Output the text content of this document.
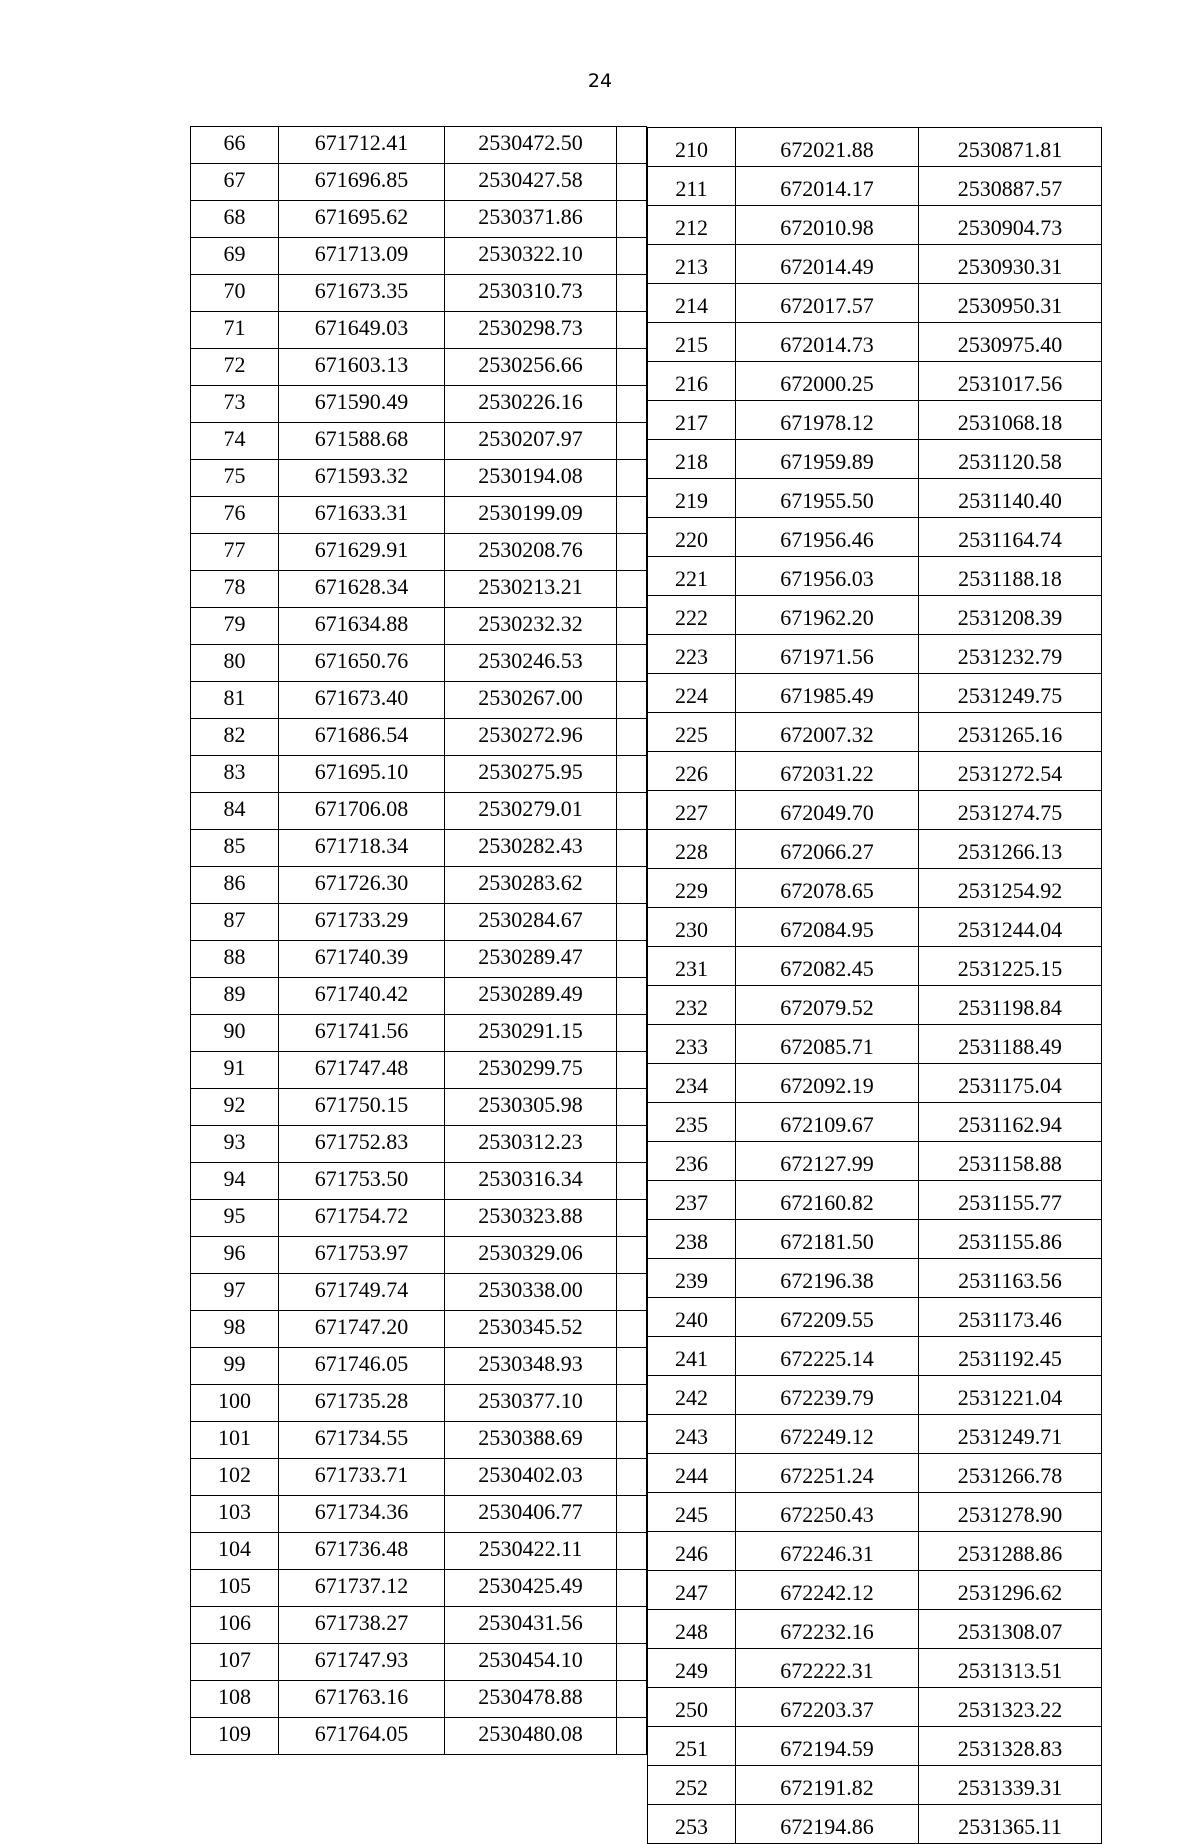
24
66	671712.41	2530472.50	
67	671696.85	2530427.58	
68	671695.62	2530371.86	
69	671713.09	2530322.10	
70	671673.35	2530310.73	
71	671649.03	2530298.73	
72	671603.13	2530256.66	
73	671590.49	2530226.16	
74	671588.68	2530207.97	
75	671593.32	2530194.08	
76	671633.31	2530199.09	
77	671629.91	2530208.76	
78	671628.34	2530213.21	
79	671634.88	2530232.32	
80	671650.76	2530246.53	
81	671673.40	2530267.00	
82	671686.54	2530272.96	
83	671695.10	2530275.95	
84	671706.08	2530279.01	
85	671718.34	2530282.43	
86	671726.30	2530283.62	
87	671733.29	2530284.67	
88	671740.39	2530289.47	
89	671740.42	2530289.49	
90	671741.56	2530291.15	
91	671747.48	2530299.75	
92	671750.15	2530305.98	
93	671752.83	2530312.23	
94	671753.50	2530316.34	
95	671754.72	2530323.88	
96	671753.97	2530329.06	
97	671749.74	2530338.00	
98	671747.20	2530345.52	
99	671746.05	2530348.93	
100	671735.28	2530377.10	
101	671734.55	2530388.69	
102	671733.71	2530402.03	
103	671734.36	2530406.77	
104	671736.48	2530422.11	
105	671737.12	2530425.49	
106	671738.27	2530431.56	
107	671747.93	2530454.10	
108	671763.16	2530478.88	
109	671764.05	2530480.08	
210	672021.88	2530871.81
211	672014.17	2530887.57
212	672010.98	2530904.73
213	672014.49	2530930.31
214	672017.57	2530950.31
215	672014.73	2530975.40
216	672000.25	2531017.56
217	671978.12	2531068.18
218	671959.89	2531120.58
219	671955.50	2531140.40
220	671956.46	2531164.74
221	671956.03	2531188.18
222	671962.20	2531208.39
223	671971.56	2531232.79
224	671985.49	2531249.75
225	672007.32	2531265.16
226	672031.22	2531272.54
227	672049.70	2531274.75
228	672066.27	2531266.13
229	672078.65	2531254.92
230	672084.95	2531244.04
231	672082.45	2531225.15
232	672079.52	2531198.84
233	672085.71	2531188.49
234	672092.19	2531175.04
235	672109.67	2531162.94
236	672127.99	2531158.88
237	672160.82	2531155.77
238	672181.50	2531155.86
239	672196.38	2531163.56
240	672209.55	2531173.46
241	672225.14	2531192.45
242	672239.79	2531221.04
243	672249.12	2531249.71
244	672251.24	2531266.78
245	672250.43	2531278.90
246	672246.31	2531288.86
247	672242.12	2531296.62
248	672232.16	2531308.07
249	672222.31	2531313.51
250	672203.37	2531323.22
251	672194.59	2531328.83
252	672191.82	2531339.31
253	672194.86	2531365.11
